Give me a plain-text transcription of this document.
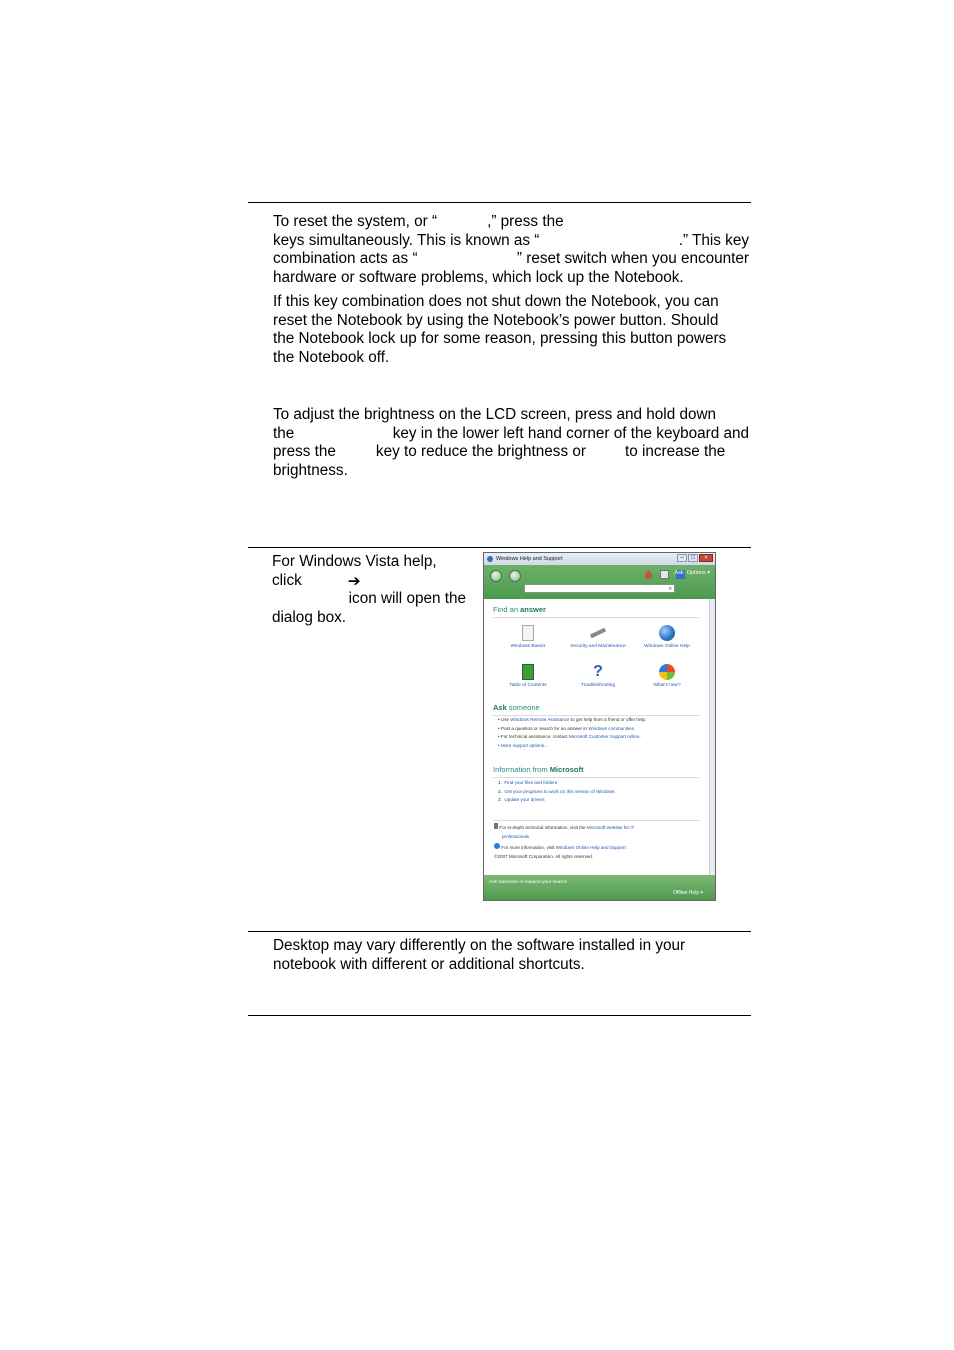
To reset the system, or “	,” press the
keys simultaneously. This is known as “	.” This key
combination acts as “	” reset switch when you encounter
hardware or software problems, which lock up the Notebook.
If this key combination does not shut down the Notebook, you can
reset the Notebook by using the Notebook’s power button. Should
the Notebook lock up for some reason, pressing this button powers
the Notebook off.
To adjust the brightness on the LCD screen, press and hold down
the	key in the lower left hand corner of the keyboard and
press the	key to reduce the brightness or	to increase the
brightness.
For Windows Vista help,
click	➔
icon will open the
dialog box.
Desktop may vary differently on the software installed in your
notebook with different or additional shortcuts.
Windows Help and Support	–	□	×
Ask Options ▾
⌕
Find an answer
Windows Basics	Security and Maintenance	Windows Online Help
Table of Contents
?
Troubleshooting	What's new?
Ask someone
• Use Windows Remote Assistance to get help from a friend or offer help.
• Post a question or search for an answer in Windows communities.
• For technical assistance, contact Microsoft Customer Support online.
• More support options...
Information from Microsoft
1. Find your files and folders
2. Get your programs to work on this version of Windows
3. Update your drivers
For in-depth technical information, visit the Microsoft website for IT
professionals
For more information, visit Windows Online Help and Support
©2007 Microsoft Corporation. All rights reserved.
Ask someone or expand your search
Offline Help ▾
